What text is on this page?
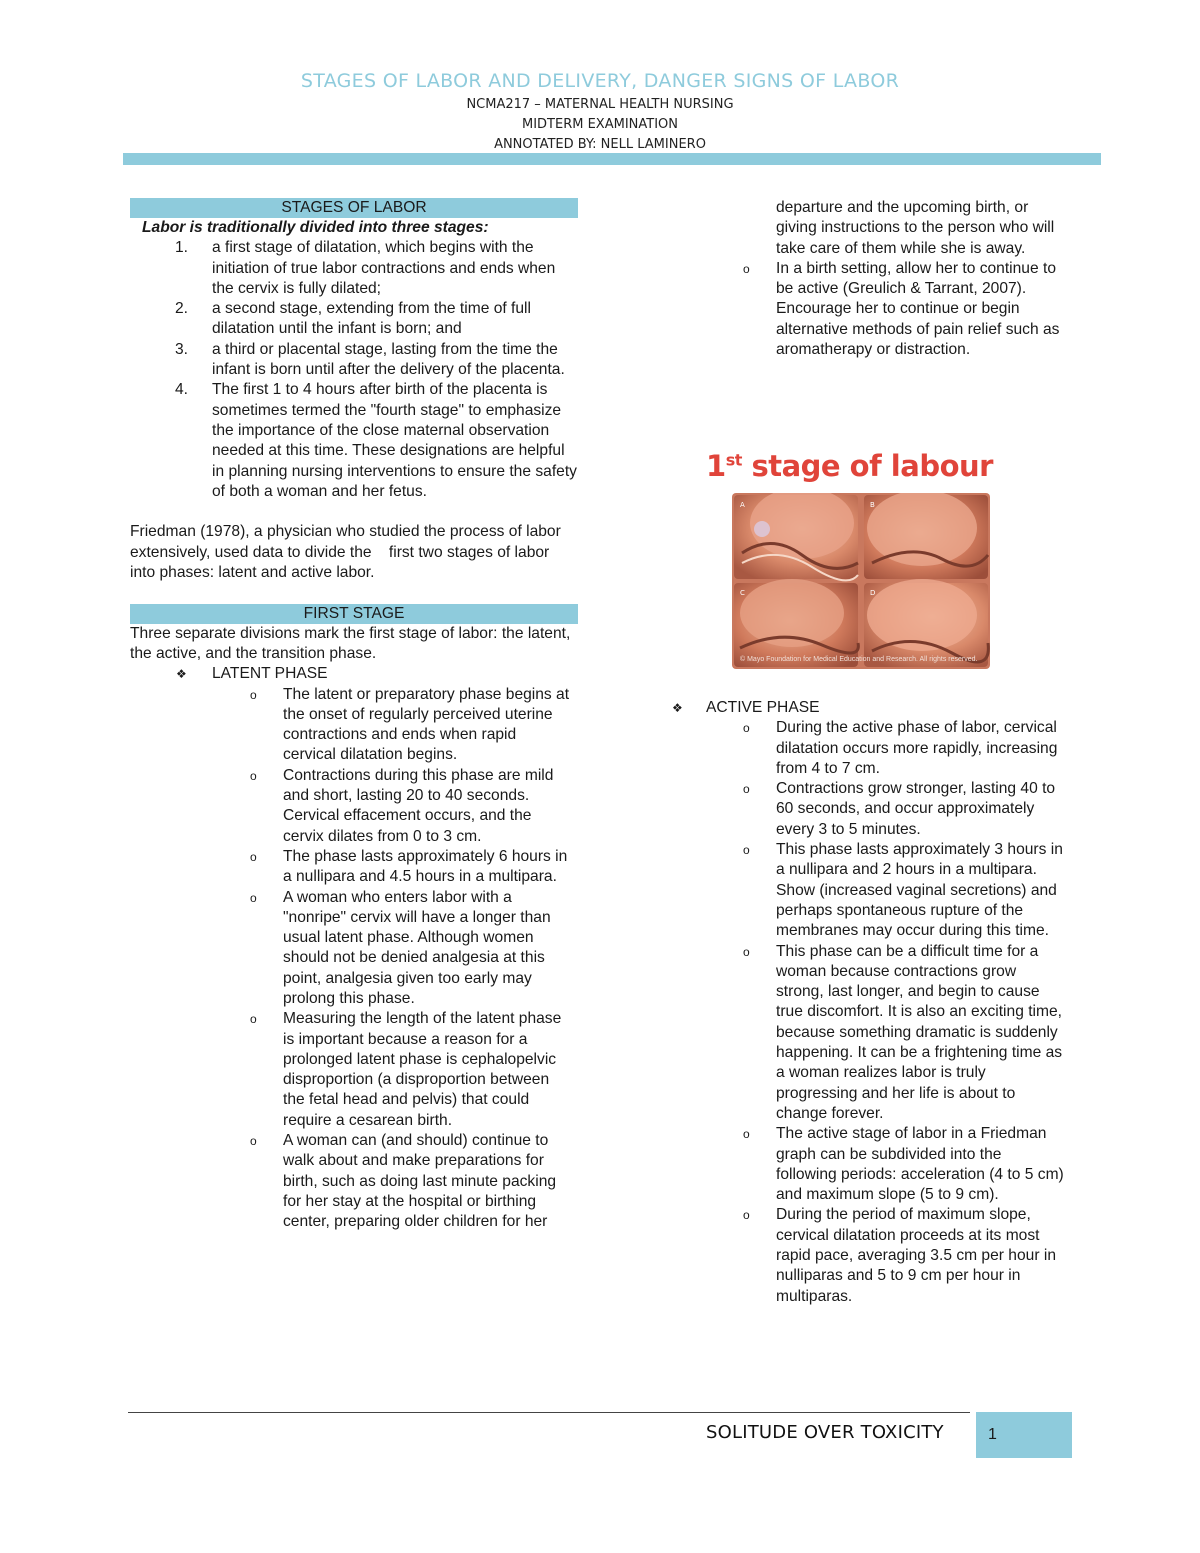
STAGES OF LABOR AND DELIVERY, DANGER SIGNS OF LABOR
NCMA217 – MATERNAL HEALTH NURSING
MIDTERM EXAMINATION
ANNOTATED BY: NELL LAMINERO
STAGES OF LABOR
Labor is traditionally divided into three stages:
1. a first stage of dilatation, which begins with the initiation of true labor contractions and ends when the cervix is fully dilated;
2. a second stage, extending from the time of full dilatation until the infant is born; and
3. a third or placental stage, lasting from the time the infant is born until after the delivery of the placenta.
4. The first 1 to 4 hours after birth of the placenta is sometimes termed the "fourth stage" to emphasize the importance of the close maternal observation needed at this time. These designations are helpful in planning nursing interventions to ensure the safety of both a woman and her fetus.

Friedman (1978), a physician who studied the process of labor extensively, used data to divide the    first two stages of labor into phases: latent and active labor.

FIRST STAGE

Three separate divisions mark the first stage of labor: the latent, the active, and the transition phase.

❖ LATENT PHASE
o The latent or preparatory phase begins at the onset of regularly perceived uterine contractions and ends when rapid cervical dilatation begins.
o Contractions during this phase are mild and short, lasting 20 to 40 seconds. Cervical effacement occurs, and the cervix dilates from 0 to 3 cm.
o The phase lasts approximately 6 hours in a nullipara and 4.5 hours in a multipara.
o A woman who enters labor with a "nonripe" cervix will have a longer than usual latent phase. Although women should not be denied analgesia at this point, analgesia given too early may prolong this phase.
o Measuring the length of the latent phase is important because a reason for a prolonged latent phase is cephalopelvic disproportion (a disproportion between the fetal head and pelvis) that could require a cesarean birth.
o A woman can (and should) continue to walk about and make preparations for birth, such as doing last minute packing for her stay at the hospital or birthing center, preparing older children for her
departure and the upcoming birth, or giving instructions to the person who will take care of them while she is away.
o In a birth setting, allow her to continue to be active (Greulich & Tarrant, 2007). Encourage her to continue or begin alternative methods of pain relief such as aromatherapy or distraction.
1st stage of labour
A	B
C	D
© Mayo Foundation for Medical Education and Research. All rights reserved.
❖ ACTIVE PHASE
o During the active phase of labor, cervical dilatation occurs more rapidly, increasing from 4 to 7 cm.
o Contractions grow stronger, lasting 40 to 60 seconds, and occur approximately every 3 to 5 minutes.
o This phase lasts approximately 3 hours in a nullipara and 2 hours in a multipara. Show (increased vaginal secretions) and perhaps spontaneous rupture of the membranes may occur during this time.
o This phase can be a difficult time for a woman because contractions grow strong, last longer, and begin to cause true discomfort. It is also an exciting time, because something dramatic is suddenly happening. It can be a frightening time as a woman realizes labor is truly progressing and her life is about to change forever.
o The active stage of labor in a Friedman graph can be subdivided into the following periods: acceleration (4 to 5 cm) and maximum slope (5 to 9 cm).
o During the period of maximum slope, cervical dilatation proceeds at its most rapid pace, averaging 3.5 cm per hour in nulliparas and 5 to 9 cm per hour in multiparas.
SOLITUDE OVER TOXICITY	1
